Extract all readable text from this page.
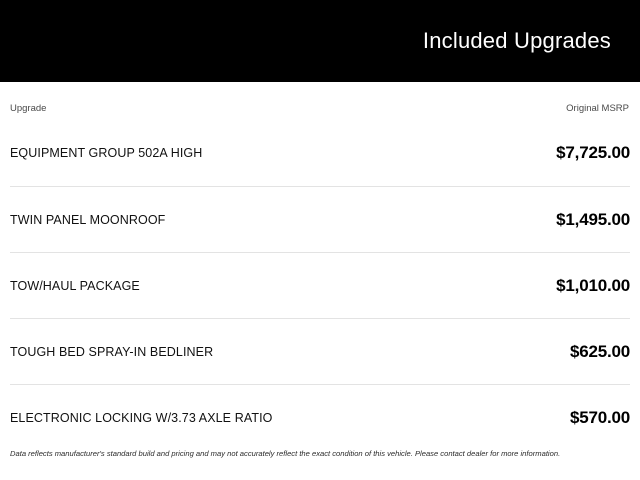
Included Upgrades
Upgrade	Original MSRP
EQUIPMENT GROUP 502A HIGH	$7,725.00
TWIN PANEL MOONROOF	$1,495.00
TOW/HAUL PACKAGE	$1,010.00
TOUGH BED SPRAY-IN BEDLINER	$625.00
ELECTRONIC LOCKING W/3.73 AXLE RATIO	$570.00
Data reflects manufacturer's standard build and pricing and may not accurately reflect the exact condition of this vehicle. Please contact dealer for more information.
